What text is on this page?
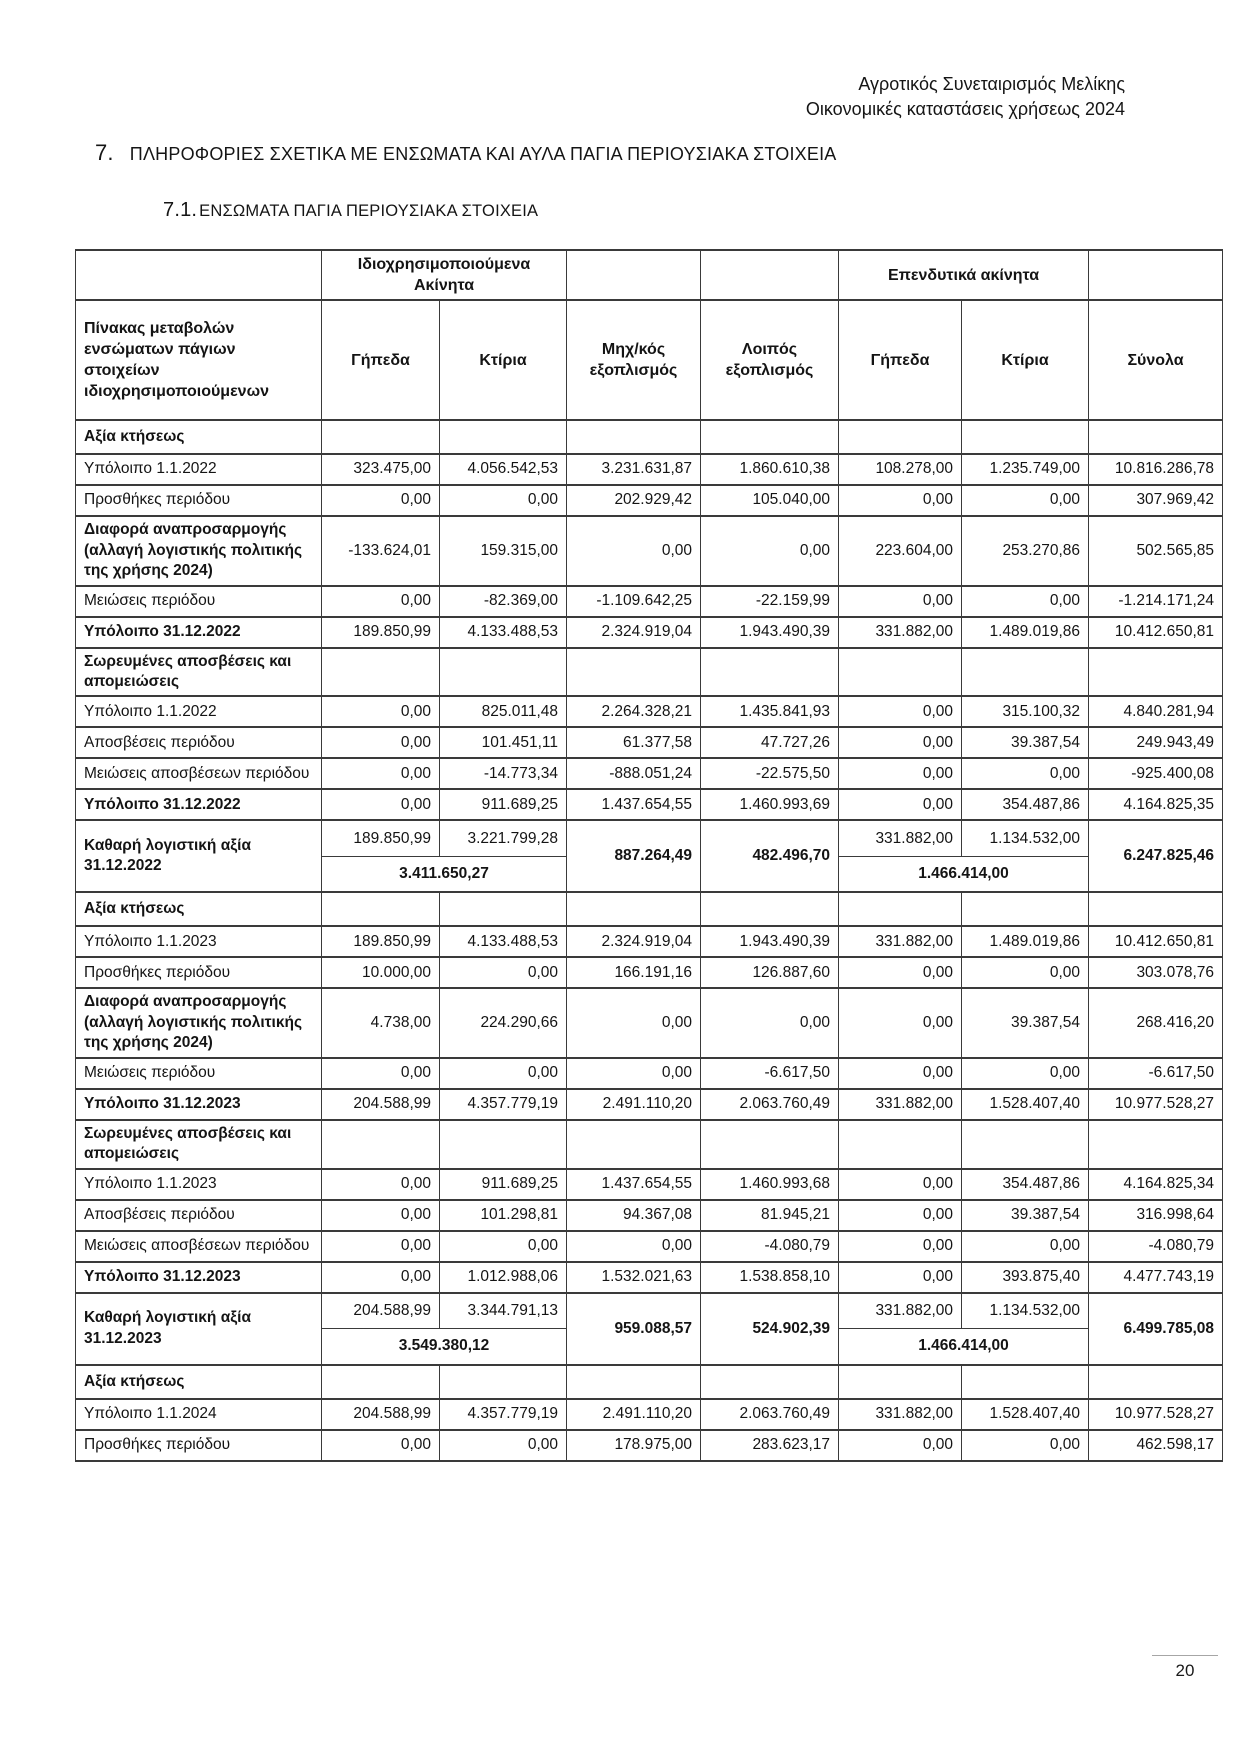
Αγροτικός Συνεταιρισμός Μελίκης
Οικονομικές καταστάσεις χρήσεως 2024
7. ΠΛΗΡΟΦΟΡΙΕΣ ΣΧΕΤΙΚΑ ΜΕ ΕΝΣΩΜΑΤΑ ΚΑΙ ΑΥΛΑ ΠΑΓΙΑ ΠΕΡΙΟΥΣΙΑΚΑ ΣΤΟΙΧΕΙΑ
7.1. ΕΝΣΩΜΑΤΑ ΠΑΓΙΑ ΠΕΡΙΟΥΣΙΑΚΑ ΣΤΟΙΧΕΙΑ
	Ιδιοχρησιμοποιούμενα Ακίνητα				Επενδυτικά ακίνητα		
Πίνακας μεταβολών ενσώματων πάγιων στοιχείων ιδιοχρησιμοποιούμενων	Γήπεδα	Κτίρια	Μηχ/κός εξοπλισμός	Λοιπός εξοπλισμός	Γήπεδα	Κτίρια	Σύνολα
Αξία κτήσεως							
Υπόλοιπο 1.1.2022	323.475,00	4.056.542,53	3.231.631,87	1.860.610,38	108.278,00	1.235.749,00	10.816.286,78
Προσθήκες περιόδου	0,00	0,00	202.929,42	105.040,00	0,00	0,00	307.969,42
Διαφορά αναπροσαρμογής (αλλαγή λογιστικής πολιτικής της χρήσης 2024)	-133.624,01	159.315,00	0,00	0,00	223.604,00	253.270,86	502.565,85
Μειώσεις περιόδου	0,00	-82.369,00	-1.109.642,25	-22.159,99	0,00	0,00	-1.214.171,24
Υπόλοιπο 31.12.2022	189.850,99	4.133.488,53	2.324.919,04	1.943.490,39	331.882,00	1.489.019,86	10.412.650,81
Σωρευμένες αποσβέσεις και απομειώσεις							
Υπόλοιπο 1.1.2022	0,00	825.011,48	2.264.328,21	1.435.841,93	0,00	315.100,32	4.840.281,94
Αποσβέσεις περιόδου	0,00	101.451,11	61.377,58	47.727,26	0,00	39.387,54	249.943,49
Μειώσεις αποσβέσεων περιόδου	0,00	-14.773,34	-888.051,24	-22.575,50	0,00	0,00	-925.400,08
Υπόλοιπο 31.12.2022	0,00	911.689,25	1.437.654,55	1.460.993,69	0,00	354.487,86	4.164.825,35
Καθαρή λογιστική αξία 31.12.2022	189.850,99	3.221.799,28	887.264,49	482.496,70	331.882,00	1.134.532,00	6.247.825,46
	3.411.650,27				1.466.414,00		
Αξία κτήσεως							
Υπόλοιπο 1.1.2023	189.850,99	4.133.488,53	2.324.919,04	1.943.490,39	331.882,00	1.489.019,86	10.412.650,81
Προσθήκες περιόδου	10.000,00	0,00	166.191,16	126.887,60	0,00	0,00	303.078,76
Διαφορά αναπροσαρμογής (αλλαγή λογιστικής πολιτικής της χρήσης 2024)	4.738,00	224.290,66	0,00	0,00	0,00	39.387,54	268.416,20
Μειώσεις περιόδου	0,00	0,00	0,00	-6.617,50	0,00	0,00	-6.617,50
Υπόλοιπο 31.12.2023	204.588,99	4.357.779,19	2.491.110,20	2.063.760,49	331.882,00	1.528.407,40	10.977.528,27
Σωρευμένες αποσβέσεις και απομειώσεις							
Υπόλοιπο 1.1.2023	0,00	911.689,25	1.437.654,55	1.460.993,68	0,00	354.487,86	4.164.825,34
Αποσβέσεις περιόδου	0,00	101.298,81	94.367,08	81.945,21	0,00	39.387,54	316.998,64
Μειώσεις αποσβέσεων περιόδου	0,00	0,00	0,00	-4.080,79	0,00	0,00	-4.080,79
Υπόλοιπο 31.12.2023	0,00	1.012.988,06	1.532.021,63	1.538.858,10	0,00	393.875,40	4.477.743,19
Καθαρή λογιστική αξία 31.12.2023	204.588,99	3.344.791,13	959.088,57	524.902,39	331.882,00	1.134.532,00	6.499.785,08
	3.549.380,12				1.466.414,00		
Αξία κτήσεως							
Υπόλοιπο 1.1.2024	204.588,99	4.357.779,19	2.491.110,20	2.063.760,49	331.882,00	1.528.407,40	10.977.528,27
Προσθήκες περιόδου	0,00	0,00	178.975,00	283.623,17	0,00	0,00	462.598,17
20
